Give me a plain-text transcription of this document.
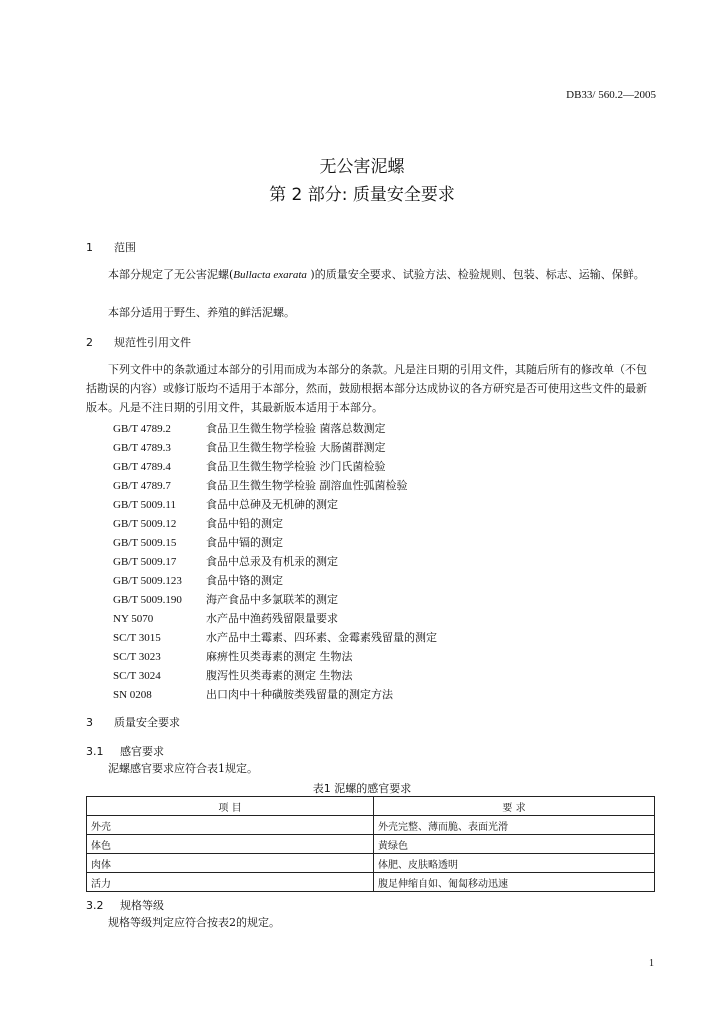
DB33/ 560.2—2005
无公害泥螺
第 2 部分: 质量安全要求
1 范围
本部分规定了无公害泥螺(Bullacta exarata )的质量安全要求、试验方法、检验规则、包装、标志、运输、保鲜。
本部分适用于野生、养殖的鲜活泥螺。
2 规范性引用文件
下列文件中的条款通过本部分的引用而成为本部分的条款。凡是注日期的引用文件，其随后所有的修改单（不包括勘误的内容）或修订版均不适用于本部分，然而，鼓励根据本部分达成协议的各方研究是否可使用这些文件的最新版本。凡是不注日期的引用文件，其最新版本适用于本部分。
GB/T 4789.2	食品卫生微生物学检验 菌落总数测定
GB/T 4789.3	食品卫生微生物学检验 大肠菌群测定
GB/T 4789.4	食品卫生微生物学检验 沙门氏菌检验
GB/T 4789.7	食品卫生微生物学检验 副溶血性弧菌检验
GB/T 5009.11	食品中总砷及无机砷的测定
GB/T 5009.12	食品中铅的测定
GB/T 5009.15	食品中镉的测定
GB/T 5009.17	食品中总汞及有机汞的测定
GB/T 5009.123 食品中铬的测定
GB/T 5009.190 海产食品中多氯联苯的测定
NY 5070	水产品中渔药残留限量要求
SC/T 3015	水产品中土霉素、四环素、金霉素残留量的测定
SC/T 3023	麻痹性贝类毒素的测定 生物法
SC/T 3024	腹泻性贝类毒素的测定 生物法
SN 0208	出口肉中十种磺胺类残留量的测定方法
3 质量安全要求
3.1 感官要求
泥螺感官要求应符合表1规定。
表1 泥螺的感官要求
项 目	要 求
外壳	外壳完整、薄而脆、表面光滑
体色	黄绿色
肉体	体肥、皮肤略透明
活力	腹足伸缩自如、匍匐移动迅速
3.2 规格等级
规格等级判定应符合按表2的规定。
1
